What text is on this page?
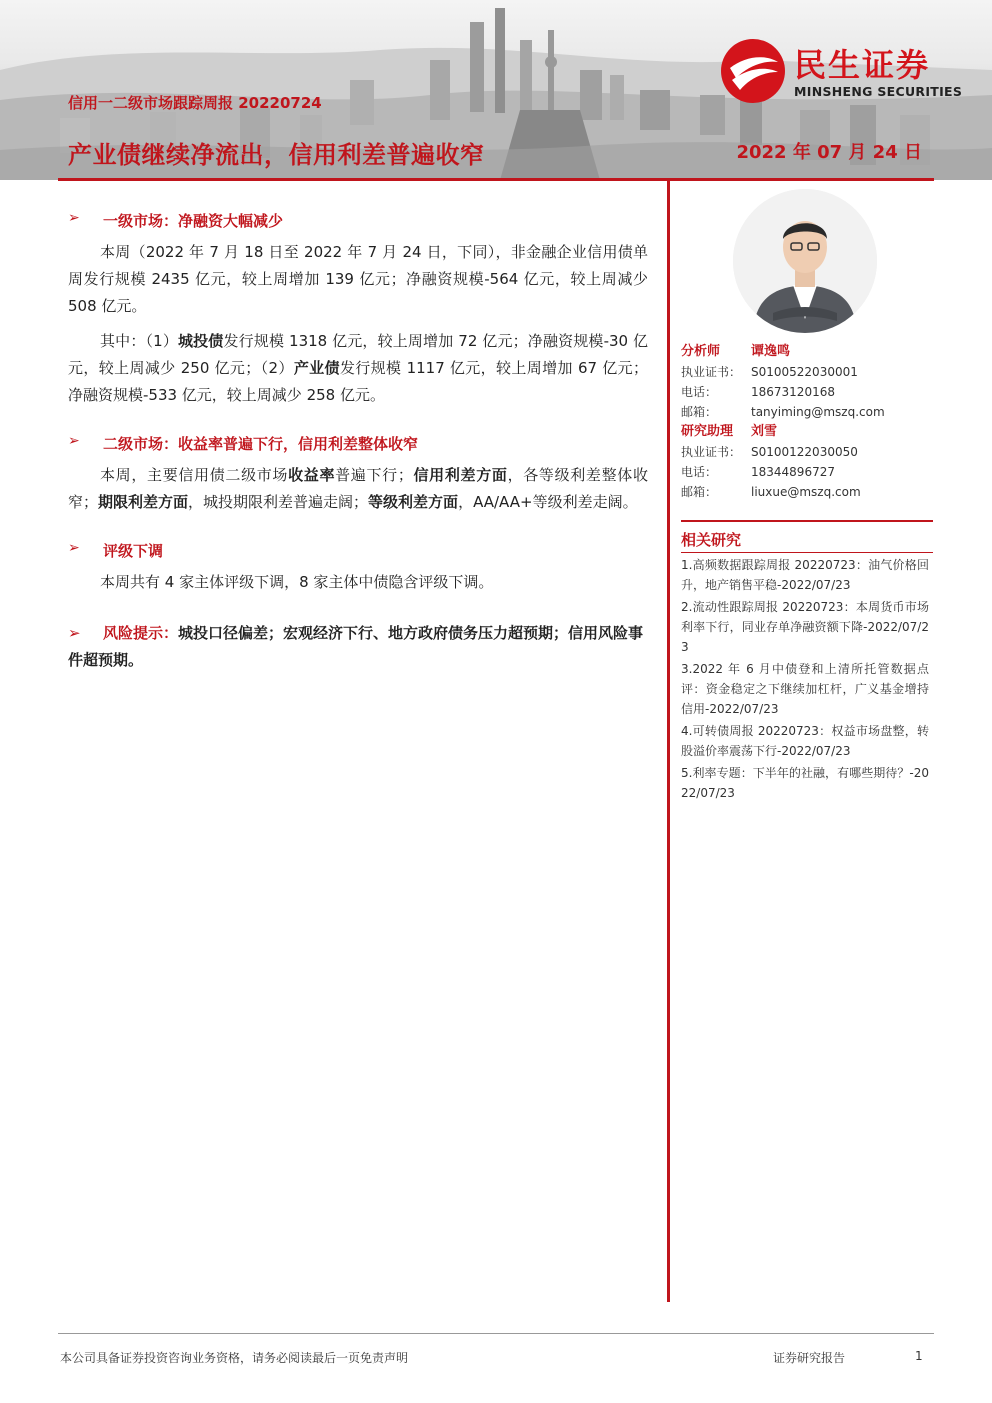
民生证券
MINSHENG SECURITIES
信用一二级市场跟踪周报 20220724
产业债继续净流出，信用利差普遍收窄	2022 年 07 月 24 日
➢	一级市场：净融资大幅减少
本周（2022 年 7 月 18 日至 2022 年 7 月 24 日，下同），非金融企业信用债单周发行规模 2435 亿元，较上周增加 139 亿元；净融资规模-564 亿元，较上周减少 508 亿元。
其中：（1）城投债发行规模 1318 亿元，较上周增加 72 亿元；净融资规模-30 亿元，较上周减少 250 亿元；（2）产业债发行规模 1117 亿元，较上周增加 67 亿元；净融资规模-533 亿元，较上周减少 258 亿元。
➢	二级市场：收益率普遍下行，信用利差整体收窄
本周，主要信用债二级市场收益率普遍下行；信用利差方面，各等级利差整体收窄；期限利差方面，城投期限利差普遍走阔；等级利差方面，AA/AA+等级利差走阔。
➢	评级下调
本周共有 4 家主体评级下调，8 家主体中债隐含评级下调。
➢ 风险提示：城投口径偏差；宏观经济下行、地方政府债务压力超预期；信用风险事件超预期。
分析师	谭逸鸣
执业证书： S0100522030001
电话：	18673120168
邮箱：	tanyiming@mszq.com
研究助理	刘雪
执业证书： S0100122030050
电话：	18344896727
邮箱：	liuxue@mszq.com
相关研究
1.高频数据跟踪周报 20220723：油气价格回升，地产销售平稳-2022/07/23
2.流动性跟踪周报 20220723：本周货币市场利率下行，同业存单净融资额下降-2022/07/23
3.2022 年 6 月中债登和上清所托管数据点评：资金稳定之下继续加杠杆，广义基金增持信用-2022/07/23
4.可转债周报 20220723：权益市场盘整，转股溢价率震荡下行-2022/07/23
5.利率专题：下半年的社融，有哪些期待？-2022/07/23
本公司具备证券投资咨询业务资格，请务必阅读最后一页免责声明	证券研究报告	1
